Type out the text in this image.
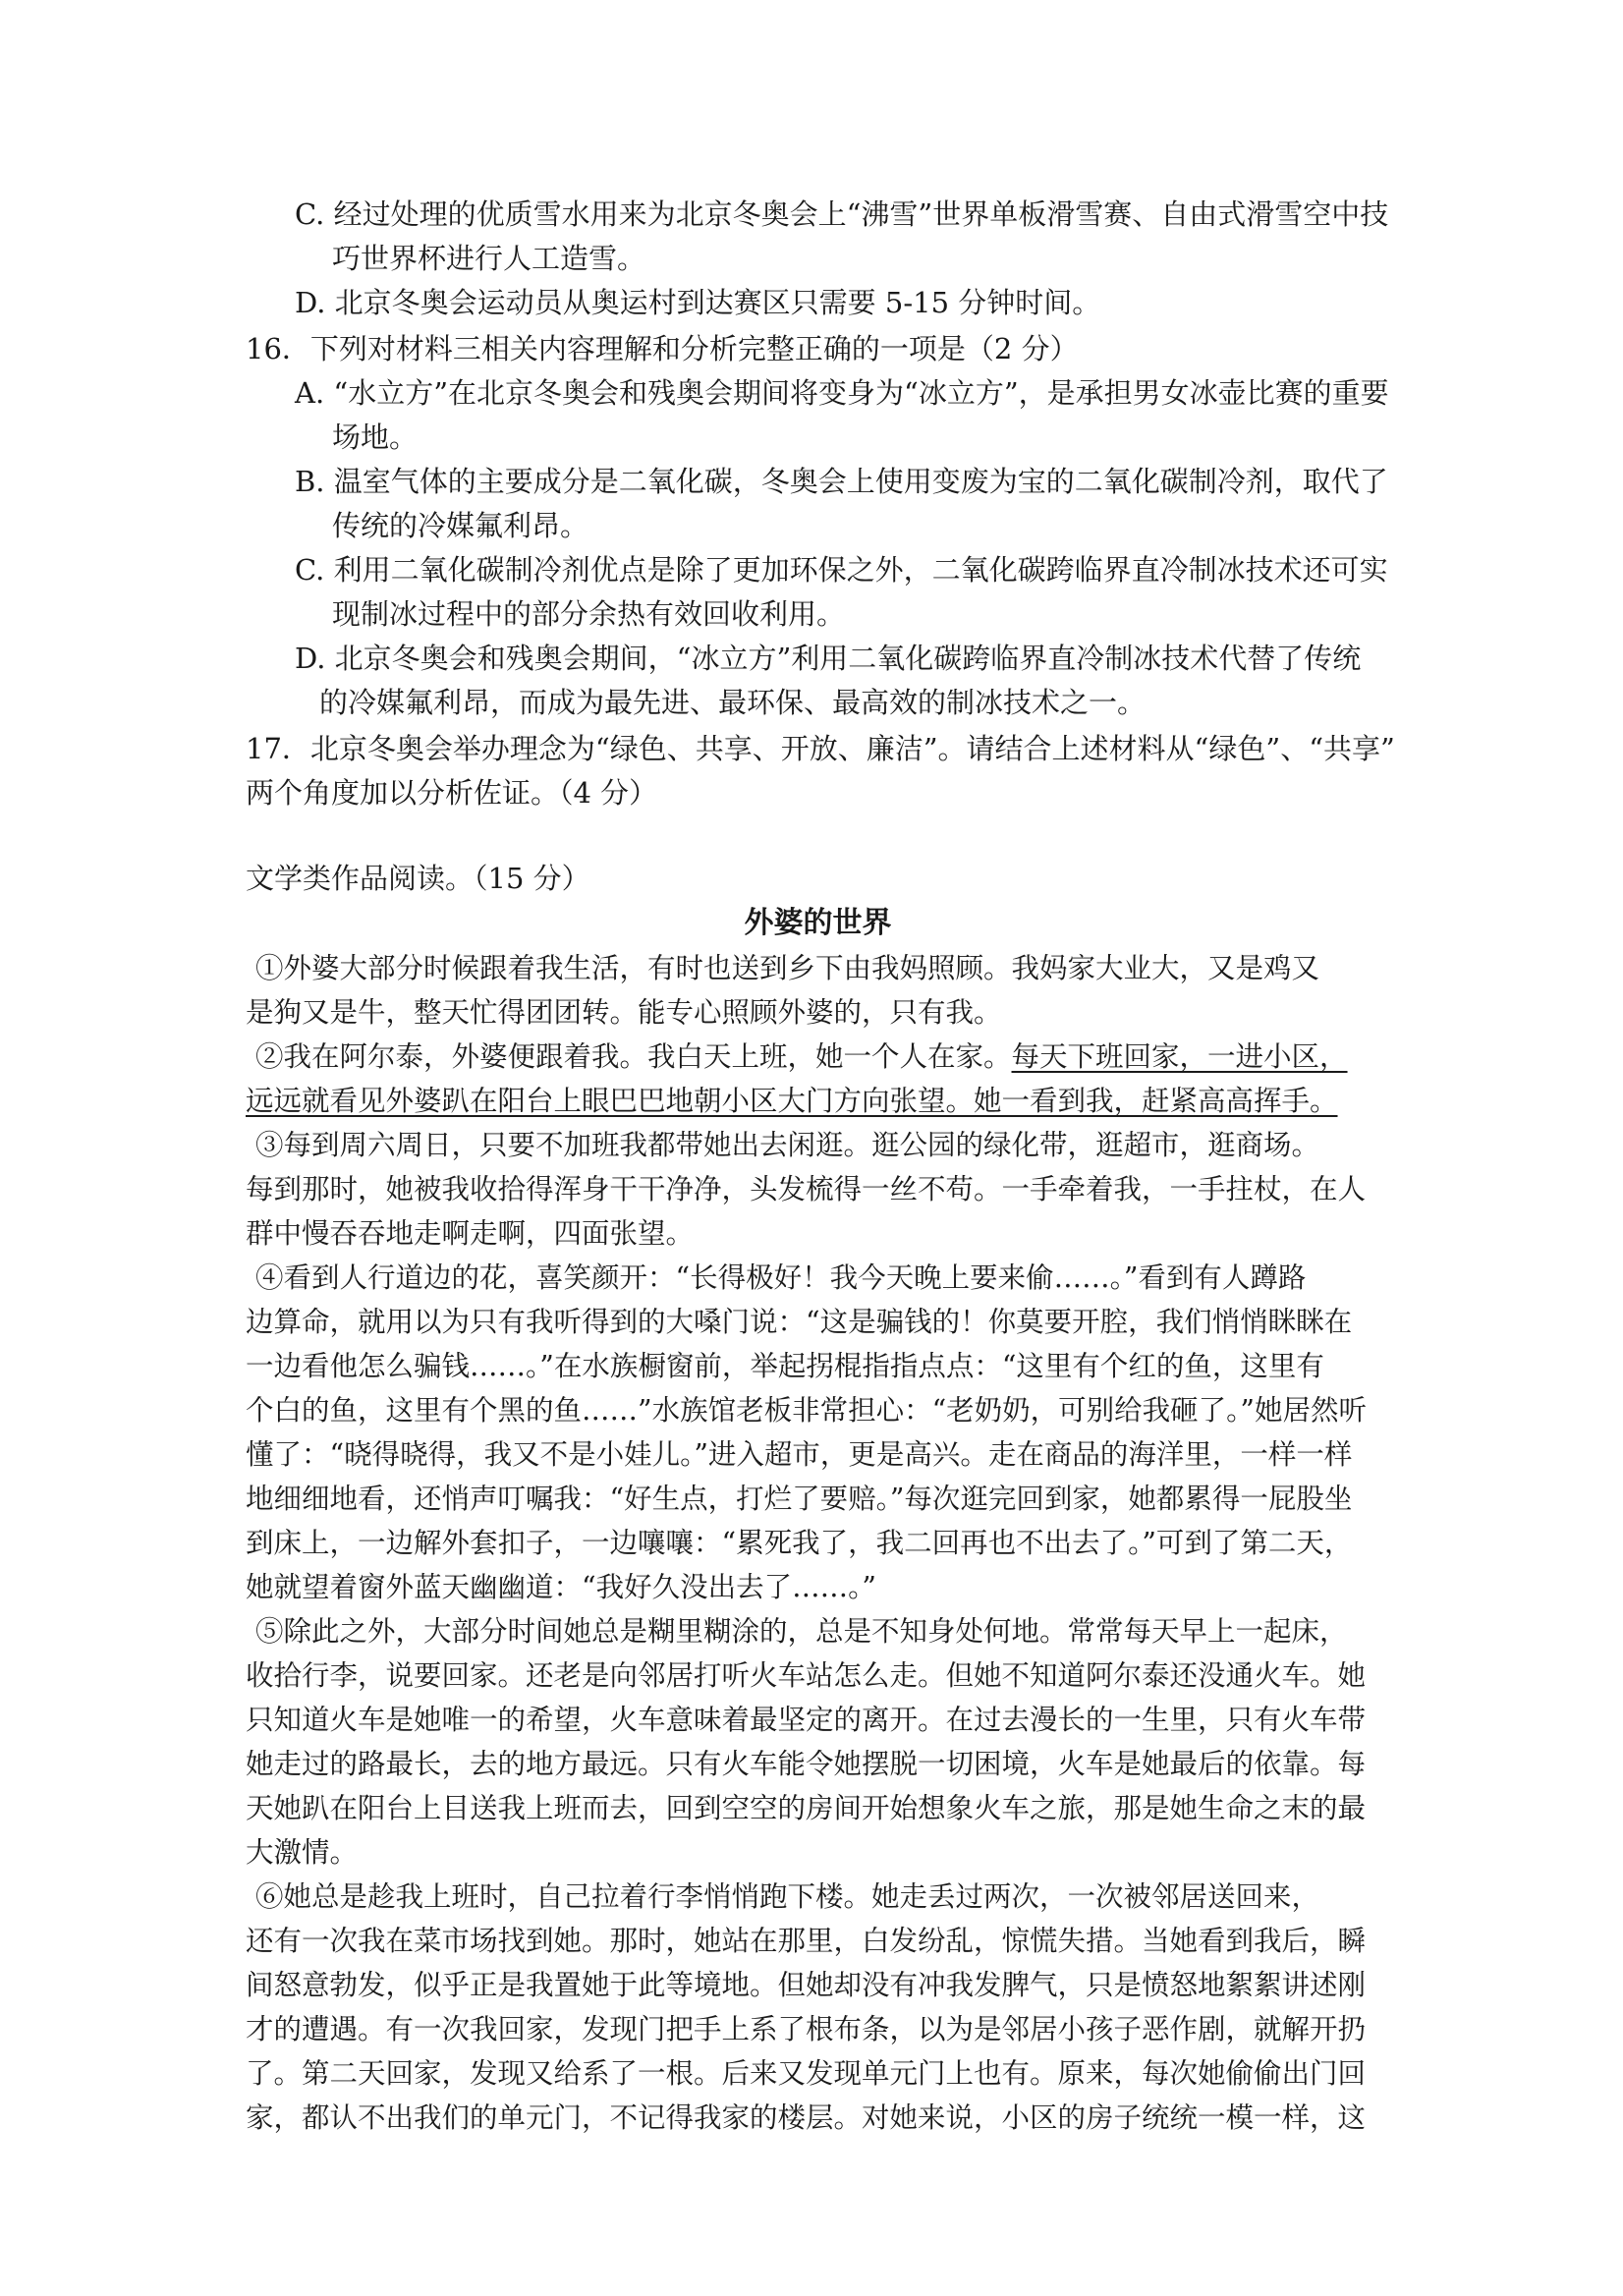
C. 经过处理的优质雪水用来为北京冬奥会上“沸雪”世界单板滑雪赛、自由式滑雪空中技
巧世界杯进行人工造雪。
D. 北京冬奥会运动员从奥运村到达赛区只需要 5-15 分钟时间。
16．下列对材料三相关内容理解和分析完整正确的一项是（2 分）
A. “水立方”在北京冬奥会和残奥会期间将变身为“冰立方”，是承担男女冰壶比赛的重要
场地。
B. 温室气体的主要成分是二氧化碳，冬奥会上使用变废为宝的二氧化碳制冷剂，取代了
传统的冷媒氟利昂。
C. 利用二氧化碳制冷剂优点是除了更加环保之外，二氧化碳跨临界直冷制冰技术还可实
现制冰过程中的部分余热有效回收利用。
D. 北京冬奥会和残奥会期间，“冰立方”利用二氧化碳跨临界直冷制冰技术代替了传统
的冷媒氟利昂，而成为最先进、最环保、最高效的制冰技术之一。
17．北京冬奥会举办理念为“绿色、共享、开放、廉洁”。请结合上述材料从“绿色”、“共享”
两个角度加以分析佐证。（4 分）
文学类作品阅读。（15 分）
外婆的世界
①外婆大部分时候跟着我生活，有时也送到乡下由我妈照顾。我妈家大业大，又是鸡又
是狗又是牛，整天忙得团团转。能专心照顾外婆的，只有我。
②我在阿尔泰，外婆便跟着我。我白天上班，她一个人在家。每天下班回家，一进小区，
远远就看见外婆趴在阳台上眼巴巴地朝小区大门方向张望。她一看到我，赶紧高高挥手。
③每到周六周日，只要不加班我都带她出去闲逛。逛公园的绿化带，逛超市，逛商场。
每到那时，她被我收拾得浑身干干净净，头发梳得一丝不苟。一手牵着我，一手拄杖，在人
群中慢吞吞地走啊走啊，四面张望。
④看到人行道边的花，喜笑颜开：“长得极好！我今天晚上要来偷……。”看到有人蹲路
边算命，就用以为只有我听得到的大嗓门说：“这是骗钱的！你莫要开腔，我们悄悄眯眯在
一边看他怎么骗钱……。”在水族橱窗前，举起拐棍指指点点：“这里有个红的鱼，这里有
个白的鱼，这里有个黑的鱼……”水族馆老板非常担心：“老奶奶，可别给我砸了。”她居然听
懂了：“晓得晓得，我又不是小娃儿。”进入超市，更是高兴。走在商品的海洋里，一样一样
地细细地看，还悄声叮嘱我：“好生点，打烂了要赔。”每次逛完回到家，她都累得一屁股坐
到床上，一边解外套扣子，一边嚷嚷：“累死我了，我二回再也不出去了。”可到了第二天，
她就望着窗外蓝天幽幽道：“我好久没出去了……。”
⑤除此之外，大部分时间她总是糊里糊涂的，总是不知身处何地。常常每天早上一起床，
收拾行李，说要回家。还老是向邻居打听火车站怎么走。但她不知道阿尔泰还没通火车。她
只知道火车是她唯一的希望，火车意味着最坚定的离开。在过去漫长的一生里，只有火车带
她走过的路最长，去的地方最远。只有火车能令她摆脱一切困境，火车是她最后的依靠。每
天她趴在阳台上目送我上班而去，回到空空的房间开始想象火车之旅，那是她生命之末的最
大激情。
⑥她总是趁我上班时，自己拉着行李悄悄跑下楼。她走丢过两次，一次被邻居送回来，
还有一次我在菜市场找到她。那时，她站在那里，白发纷乱，惊慌失措。当她看到我后，瞬
间怒意勃发，似乎正是我置她于此等境地。但她却没有冲我发脾气，只是愤怒地絮絮讲述刚
才的遭遇。有一次我回家，发现门把手上系了根布条，以为是邻居小孩子恶作剧，就解开扔
了。第二天回家，发现又给系了一根。后来又发现单元门上也有。原来，每次她偷偷出门回
家，都认不出我们的单元门，不记得我家的楼层。对她来说，小区的房子统统一模一样，这
